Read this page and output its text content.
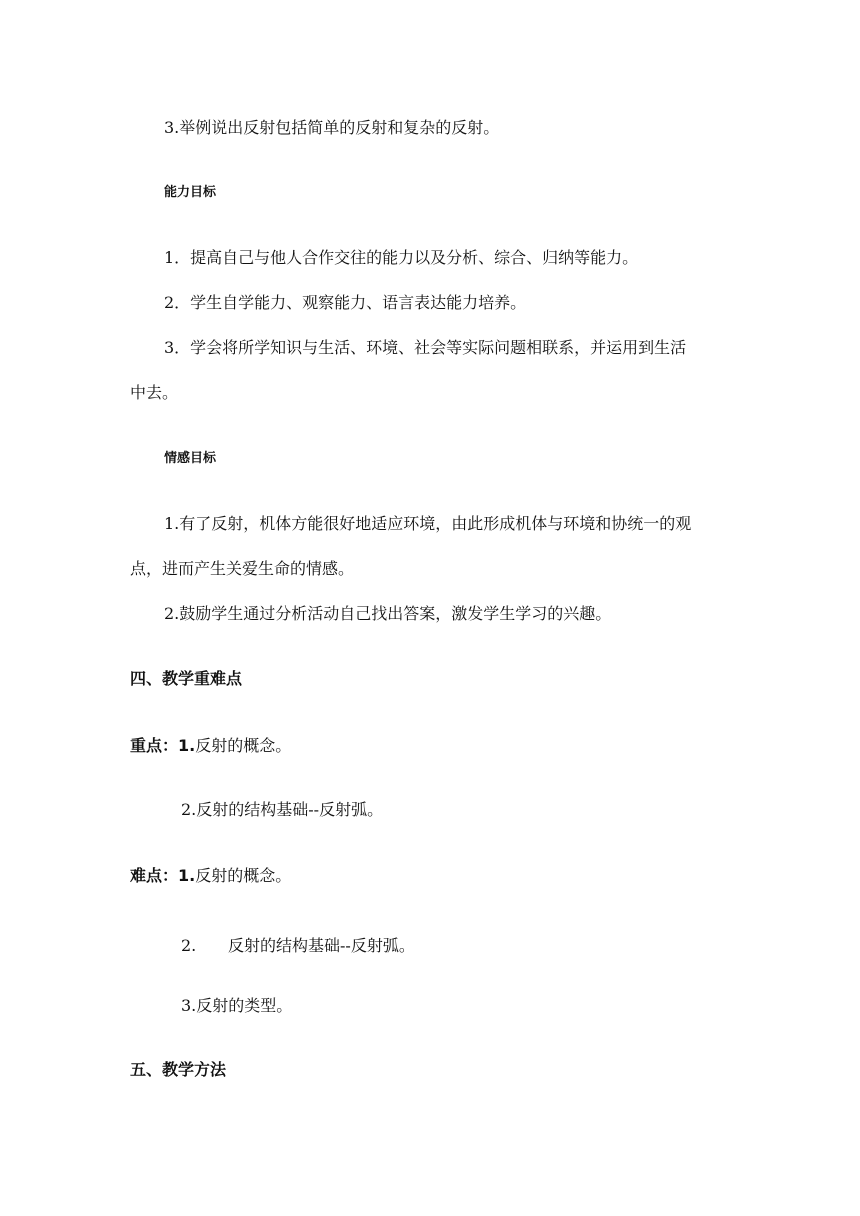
3.举例说出反射包括简单的反射和复杂的反射。
能力目标
1．提高自己与他人合作交往的能力以及分析、综合、归纳等能力。
2．学生自学能力、观察能力、语言表达能力培养。
3．学会将所学知识与生活、环境、社会等实际问题相联系，并运用到生活
中去。
情感目标
1.有了反射，机体方能很好地适应环境，由此形成机体与环境和协统一的观
点，进而产生关爱生命的情感。
2.鼓励学生通过分析活动自己找出答案，激发学生学习的兴趣。
四、教学重难点
重点：1.反射的概念。
2.反射的结构基础--反射弧。
难点：1.反射的概念。
2. 反射的结构基础--反射弧。
3.反射的类型。
五、教学方法
